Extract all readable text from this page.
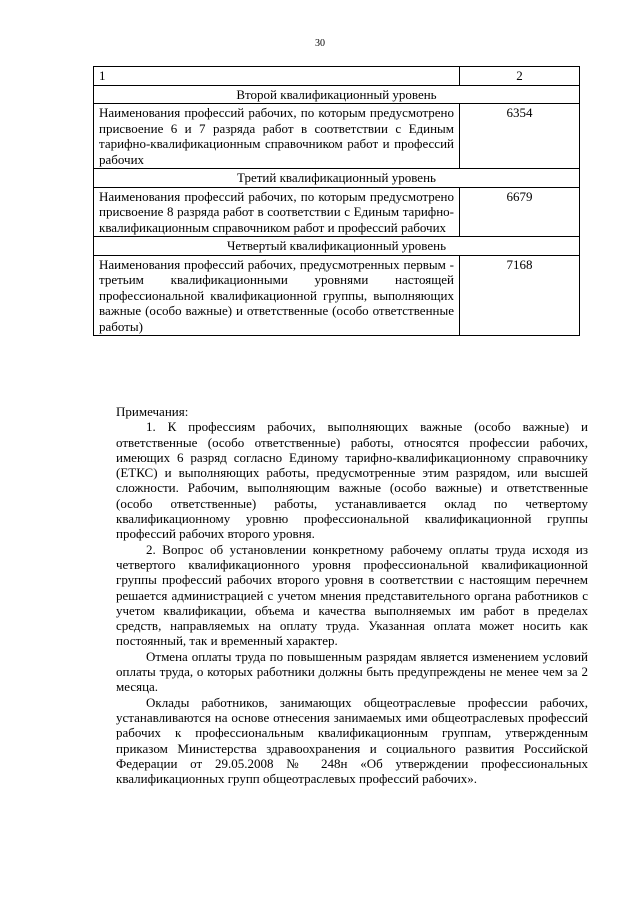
30
1	2
Второй квалификационный уровень	
Наименования профессий рабочих, по которым предусмотрено присвоение 6 и 7 разряда работ в соответствии с Единым тарифно-квалификационным справочником работ и профессий рабочих	6354
Третий квалификационный уровень	
Наименования профессий рабочих, по которым предусмотрено присвоение 8 разряда работ в соответствии с Единым тарифно-квалификационным справочником работ и профессий рабочих	6679
Четвертый квалификационный уровень	
Наименования профессий рабочих, предусмотренных первым - третьим квалификационными уровнями настоящей профессиональной квалификационной группы, выполняющих важные (особо важные) и ответственные (особо ответственные работы)	7168

Примечания:

1. К профессиям рабочих, выполняющих важные (особо важные) и ответственные (особо ответственные) работы, относятся профессии рабочих, имеющих 6 разряд согласно Единому тарифно-квалификационному справочнику (ЕТКС) и выполняющих работы, предусмотренные этим разрядом, или высшей сложности. Рабочим, выполняющим важные (особо важные) и ответственные (особо ответственные) работы, устанавливается оклад по четвертому квалификационному уровню профессиональной квалификационной группы профессий рабочих второго уровня.

2. Вопрос об установлении конкретному рабочему оплаты труда исходя из четвертого квалификационного уровня профессиональной квалификационной группы профессий рабочих второго уровня в соответствии с настоящим перечнем решается администрацией с учетом мнения представительного органа работников с учетом квалификации, объема и качества выполняемых им работ в пределах средств, направляемых на оплату труда. Указанная оплата может носить как постоянный, так и временный характер.

Отмена оплаты труда по повышенным разрядам является изменением условий оплаты труда, о которых работники должны быть предупреждены не менее чем за 2 месяца.

Оклады работников, занимающих общеотраслевые профессии рабочих, устанавливаются на основе отнесения занимаемых ими общеотраслевых профессий рабочих к профессиональным квалификационным группам, утвержденным приказом Министерства здравоохранения и социального развития Российской Федерации от 29.05.2008 № 248н «Об утверждении профессиональных квалификационных групп общеотраслевых профессий рабочих».
